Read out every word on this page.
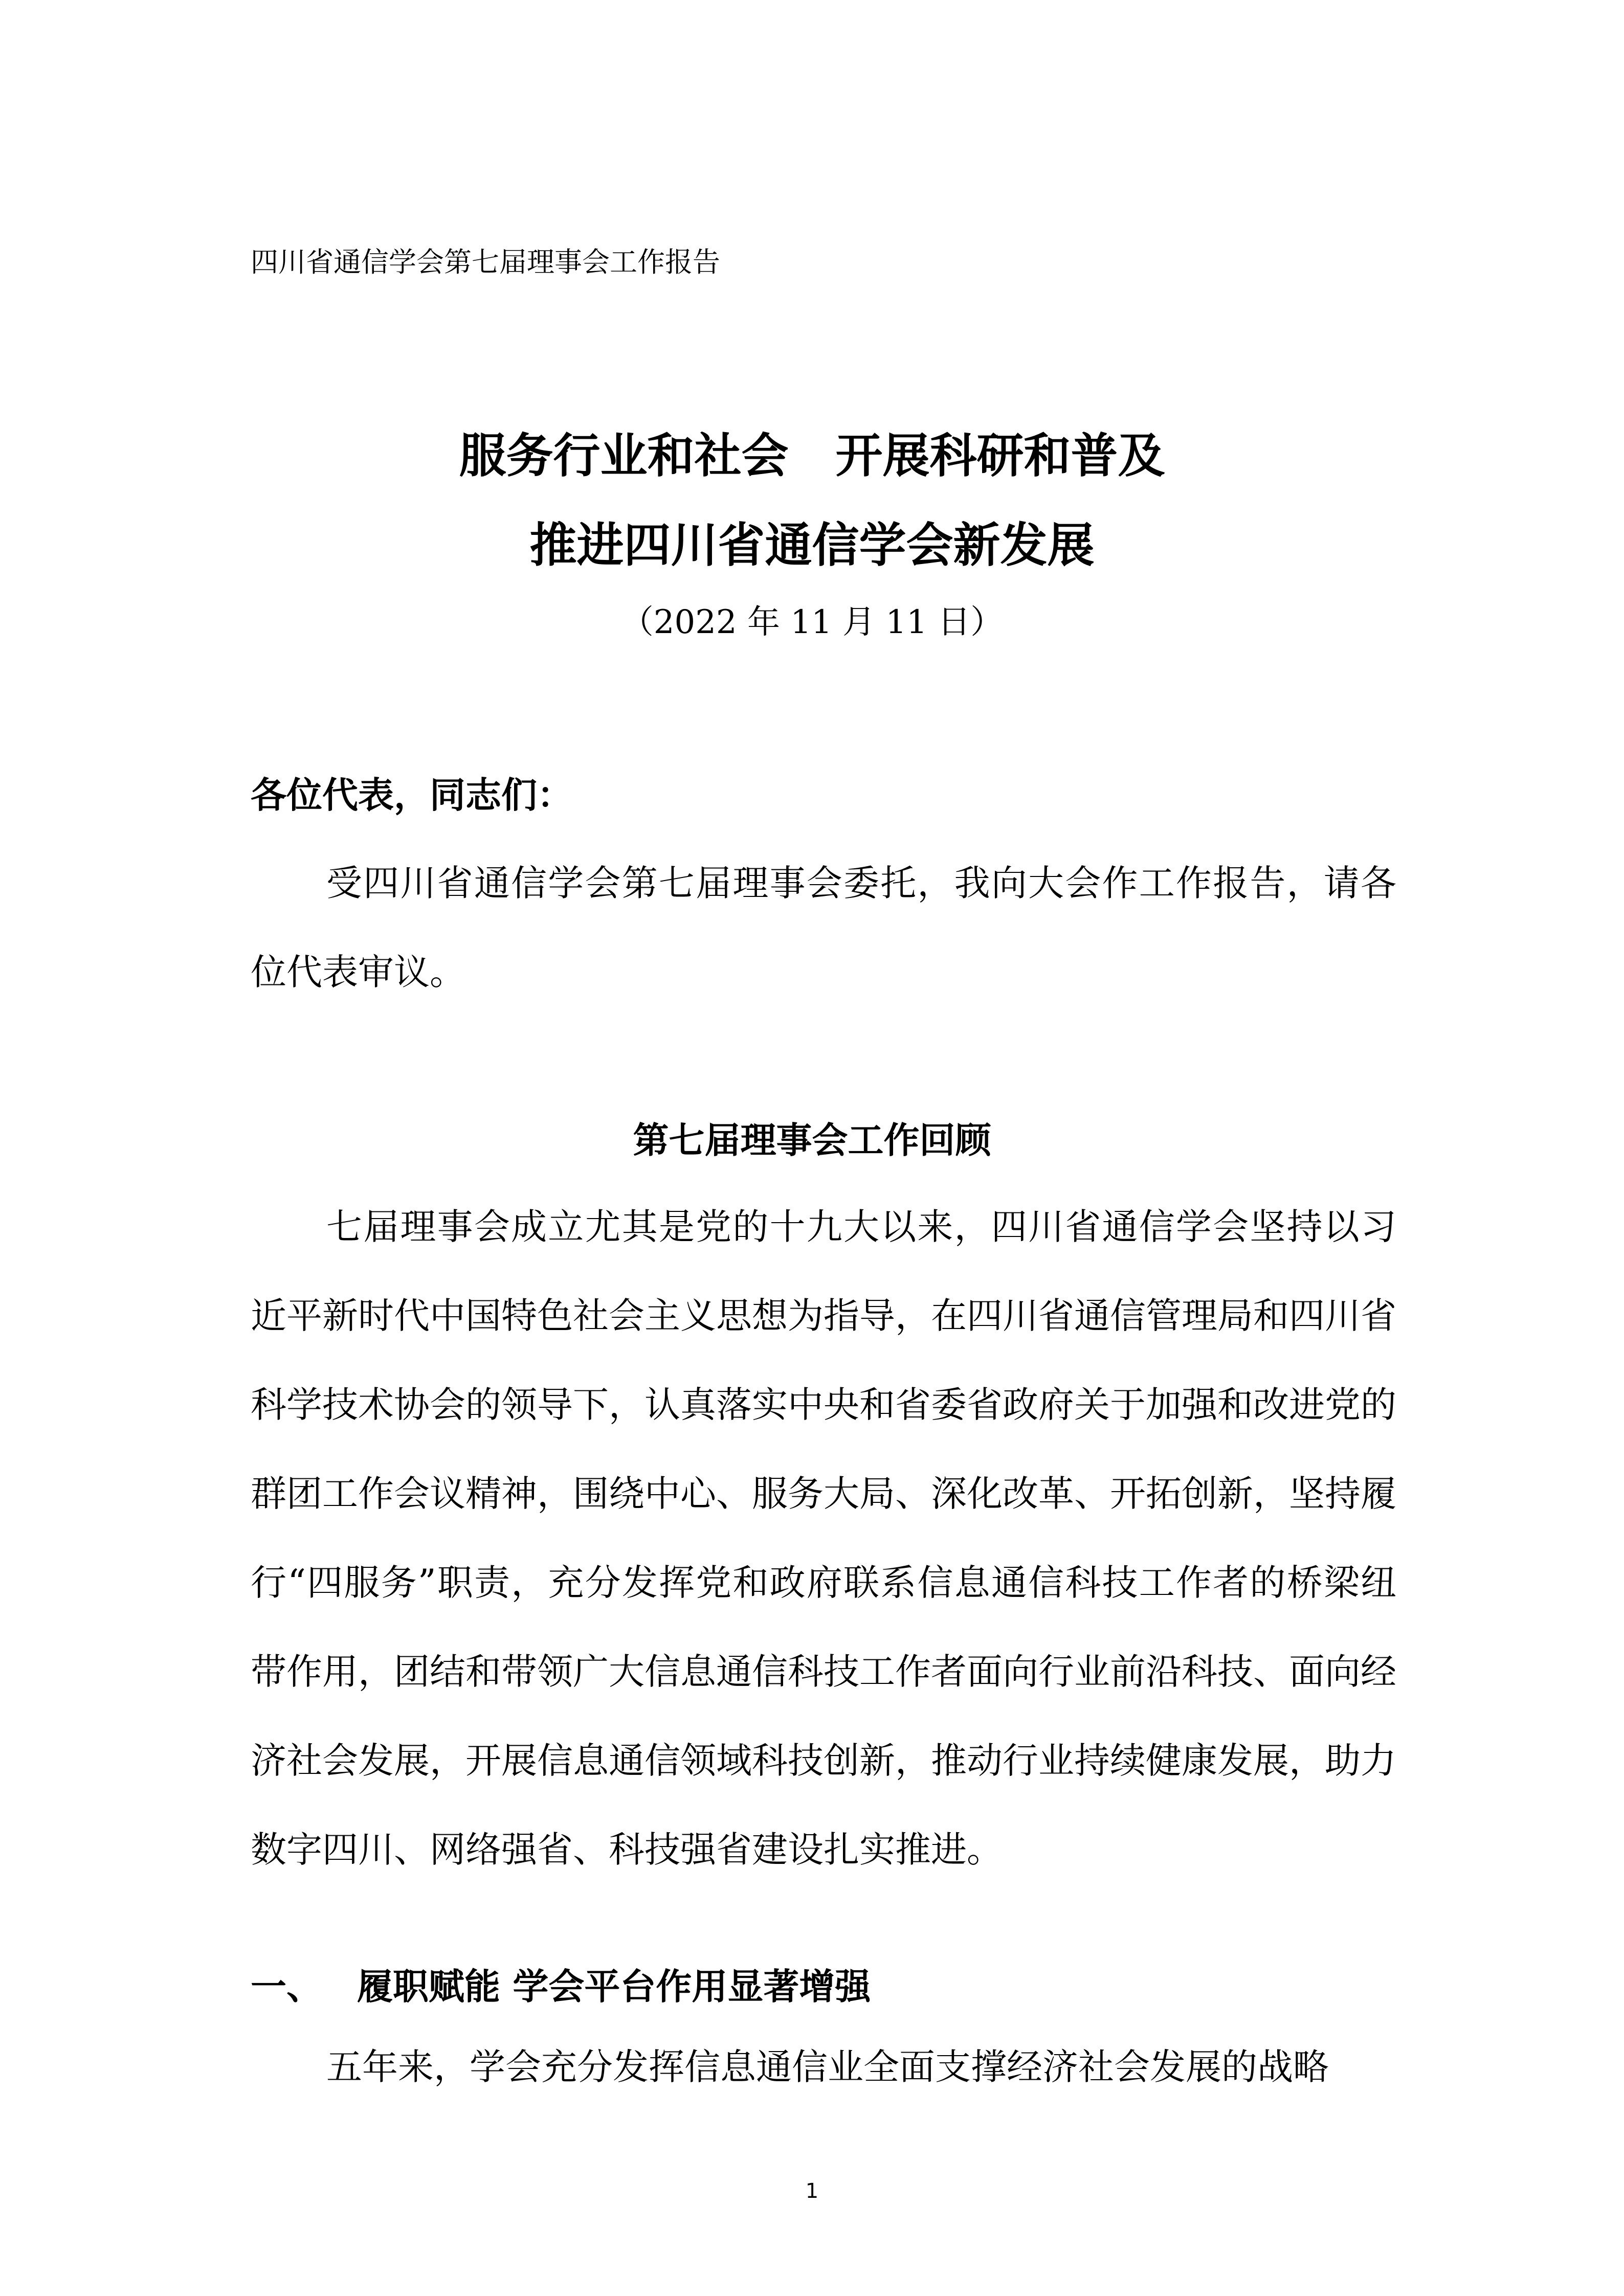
四川省通信学会第七届理事会工作报告
服务行业和社会　开展科研和普及
推进四川省通信学会新发展
（2022 年 11 月 11 日）
各位代表，同志们：
受四川省通信学会第七届理事会委托，我向大会作工作报告，请各位代表审议。
第七届理事会工作回顾
七届理事会成立尤其是党的十九大以来，四川省通信学会坚持以习近平新时代中国特色社会主义思想为指导，在四川省通信管理局和四川省科学技术协会的领导下，认真落实中央和省委省政府关于加强和改进党的群团工作会议精神，围绕中心、服务大局、深化改革、开拓创新，坚持履行“四服务”职责，充分发挥党和政府联系信息通信科技工作者的桥梁纽带作用，团结和带领广大信息通信科技工作者面向行业前沿科技、面向经济社会发展，开展信息通信领域科技创新，推动行业持续健康发展，助力数字四川、网络强省、科技强省建设扎实推进。
一、 履职赋能 学会平台作用显著增强
五年来，学会充分发挥信息通信业全面支撑经济社会发展的战略
1
